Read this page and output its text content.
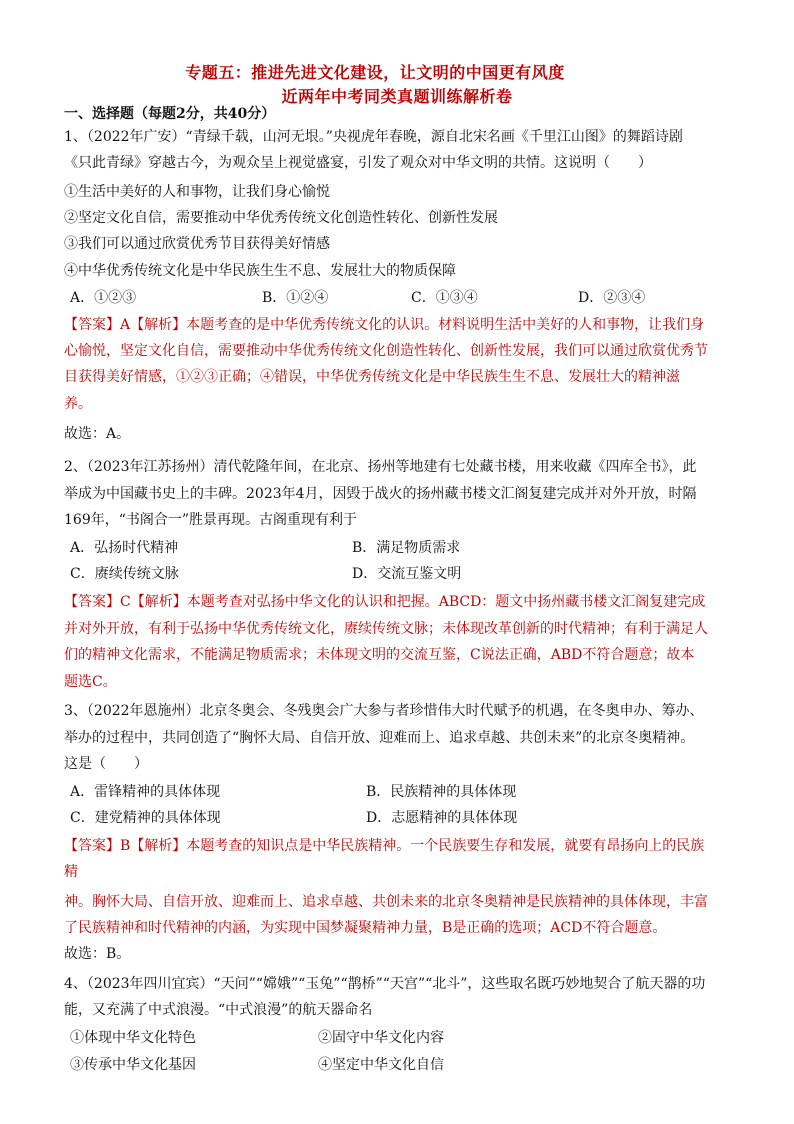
专题五：推进先进文化建设，让文明的中国更有风度
近两年中考同类真题训练解析卷
一、选择题（每题2分，共40分）
1、（2022年广安）“青绿千载，山河无垠。”央视虎年春晚，源自北宋名画《千里江山图》的舞蹈诗剧
《只此青绿》穿越古今，为观众呈上视觉盛宴，引发了观众对中华文明的共情。这说明（　　）
①生活中美好的人和事物，让我们身心愉悦
②坚定文化自信，需要推动中华优秀传统文化创造性转化、创新性发展
③我们可以通过欣赏优秀节目获得美好情感
④中华优秀传统文化是中华民族生生不息、发展壮大的物质保障
A．①②③	B．①②④	C．①③④	D．②③④
【答案】A【解析】本题考查的是中华优秀传统文化的认识。材料说明生活中美好的人和事物，让我们身
心愉悦，坚定文化自信，需要推动中华优秀传统文化创造性转化、创新性发展，我们可以通过欣赏优秀节
目获得美好情感，①②③正确；④错误，中华优秀传统文化是中华民族生生不息、发展壮大的精神滋
养。
故选：A。
2、（2023年江苏扬州）清代乾隆年间，在北京、扬州等地建有七处藏书楼，用来收藏《四库全书》，此
举成为中国藏书史上的丰碑。2023年4月，因毁于战火的扬州藏书楼文汇阁复建完成并对外开放，时隔
169年，“书阁合一”胜景再现。古阁重现有利于
A．弘扬时代精神	B．满足物质需求
C．赓续传统文脉	D．交流互鉴文明
【答案】C【解析】本题考查对弘扬中华文化的认识和把握。ABCD：题文中扬州藏书楼文汇阁复建完成
并对外开放，有利于弘扬中华优秀传统文化，赓续传统文脉；未体现改革创新的时代精神；有利于满足人
们的精神文化需求，不能满足物质需求；未体现文明的交流互鉴，C说法正确，ABD不符合题意；故本
题选C。
3、（2022年恩施州）北京冬奥会、冬残奥会广大参与者珍惜伟大时代赋予的机遇，在冬奥申办、筹办、
举办的过程中，共同创造了“胸怀大局、自信开放、迎难而上、追求卓越、共创未来”的北京冬奥精神。
这是（　　）
A．雷锋精神的具体体现	B．民族精神的具体体现
C．建党精神的具体体现	D．志愿精神的具体体现
【答案】B【解析】本题考查的知识点是中华民族精神。一个民族要生存和发展，就要有昂扬向上的民族
精
神。胸怀大局、自信开放、迎难而上、追求卓越、共创未来的北京冬奥精神是民族精神的具体体现，丰富
了民族精神和时代精神的内涵，为实现中国梦凝聚精神力量，B是正确的选项；ACD不符合题意。
故选：B。
4、（2023年四川宜宾）“天问”“嫦娥”“玉兔”“鹊桥”“天宫”“北斗”，这些取名既巧妙地契合了航天器的功
能，又充满了中式浪漫。“中式浪漫”的航天器命名
①体现中华文化特色	②固守中华文化内容
③传承中华文化基因	④坚定中华文化自信
